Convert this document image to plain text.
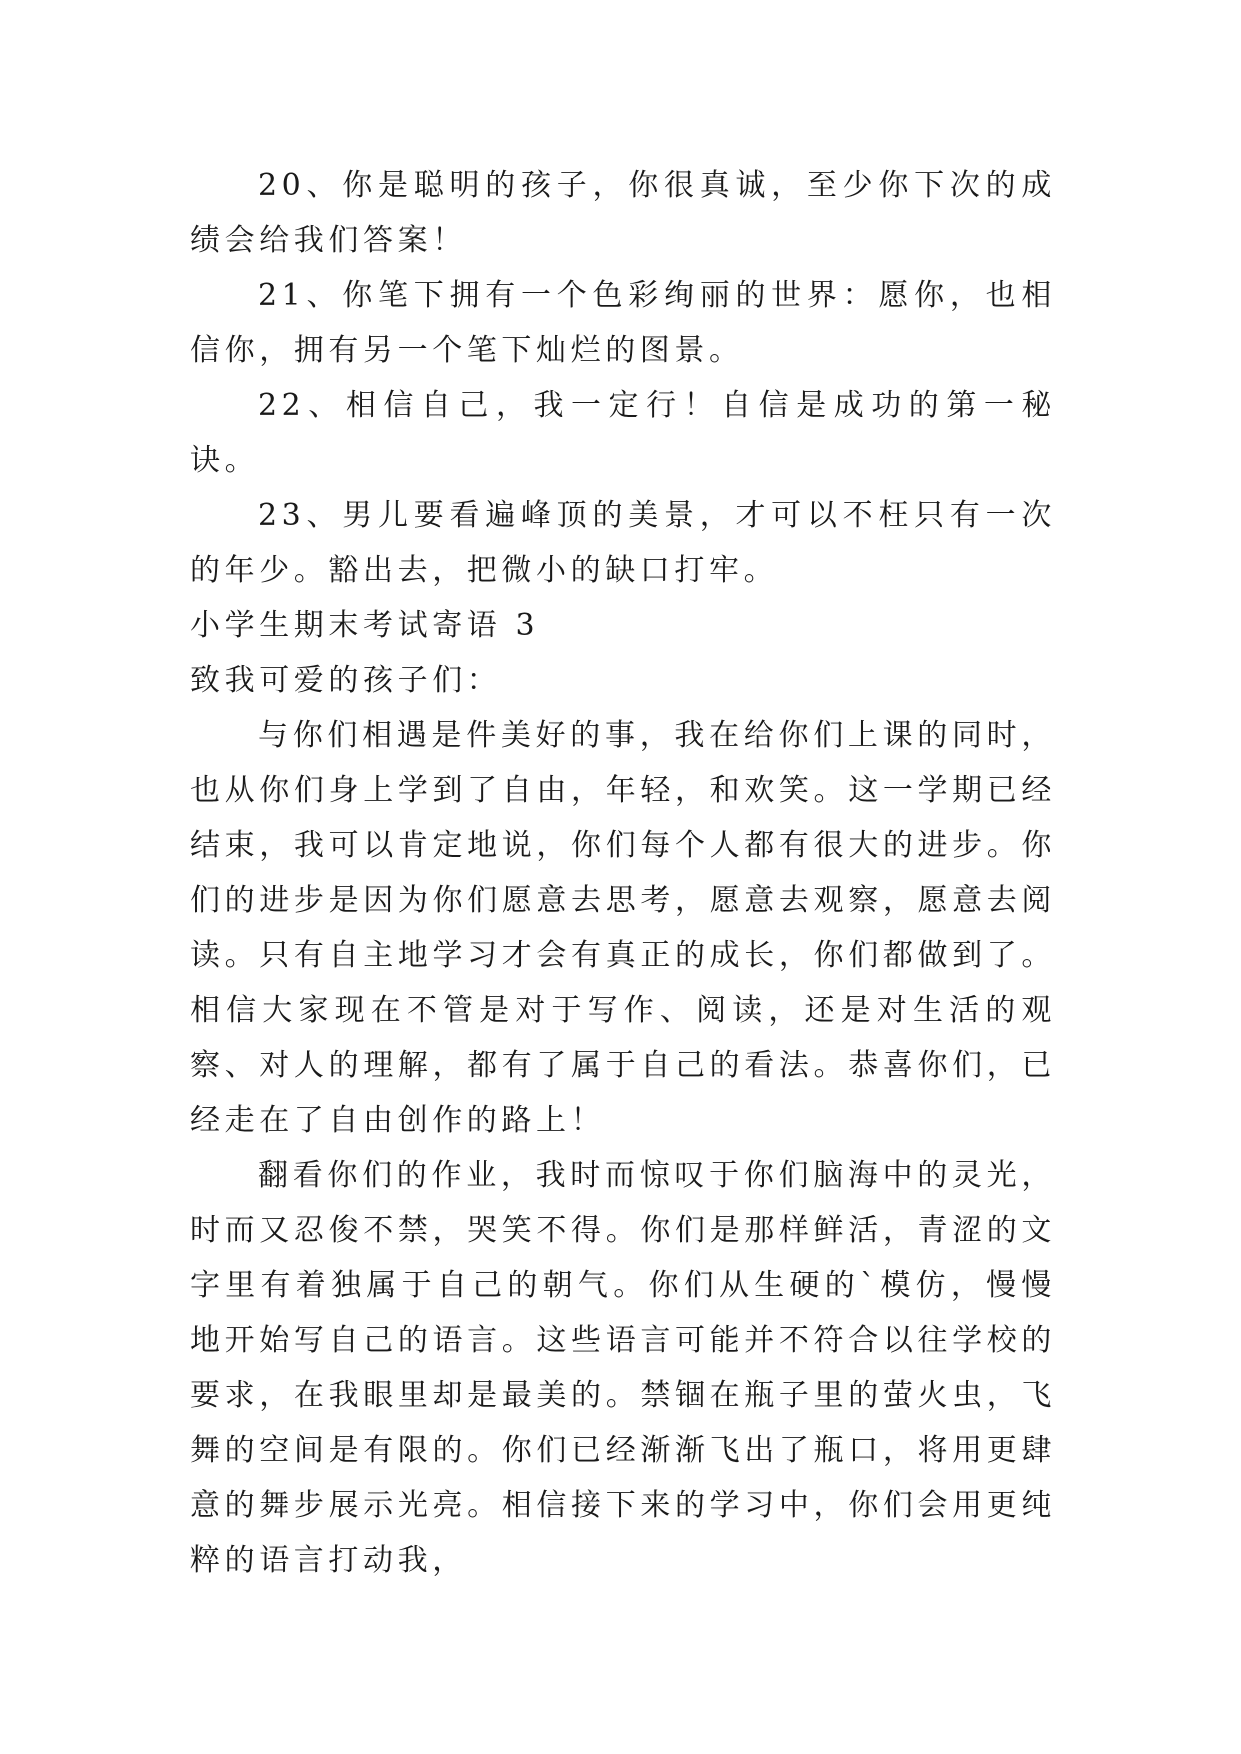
20、你是聪明的孩子，你很真诚，至少你下次的成绩会给我们答案！

21、你笔下拥有一个色彩绚丽的世界：愿你，也相信你，拥有另一个笔下灿烂的图景。

22、相信自己，我一定行！自信是成功的第一秘诀。

23、男儿要看遍峰顶的美景，才可以不枉只有一次的年少。豁出去，把微小的缺口打牢。

小学生期末考试寄语 3

致我可爱的孩子们：

与你们相遇是件美好的事，我在给你们上课的同时，也从你们身上学到了自由，年轻，和欢笑。这一学期已经结束，我可以肯定地说，你们每个人都有很大的进步。你们的进步是因为你们愿意去思考，愿意去观察，愿意去阅读。只有自主地学习才会有真正的成长，你们都做到了。相信大家现在不管是对于写作、阅读，还是对生活的观察、对人的理解，都有了属于自己的看法。恭喜你们，已经走在了自由创作的路上！

翻看你们的作业，我时而惊叹于你们脑海中的灵光，时而又忍俊不禁，哭笑不得。你们是那样鲜活，青涩的文字里有着独属于自己的朝气。你们从生硬的`模仿，慢慢地开始写自己的语言。这些语言可能并不符合以往学校的要求，在我眼里却是最美的。禁锢在瓶子里的萤火虫，飞舞的空间是有限的。你们已经渐渐飞出了瓶口，将用更肆意的舞步展示光亮。相信接下来的学习中，你们会用更纯粹的语言打动我，
